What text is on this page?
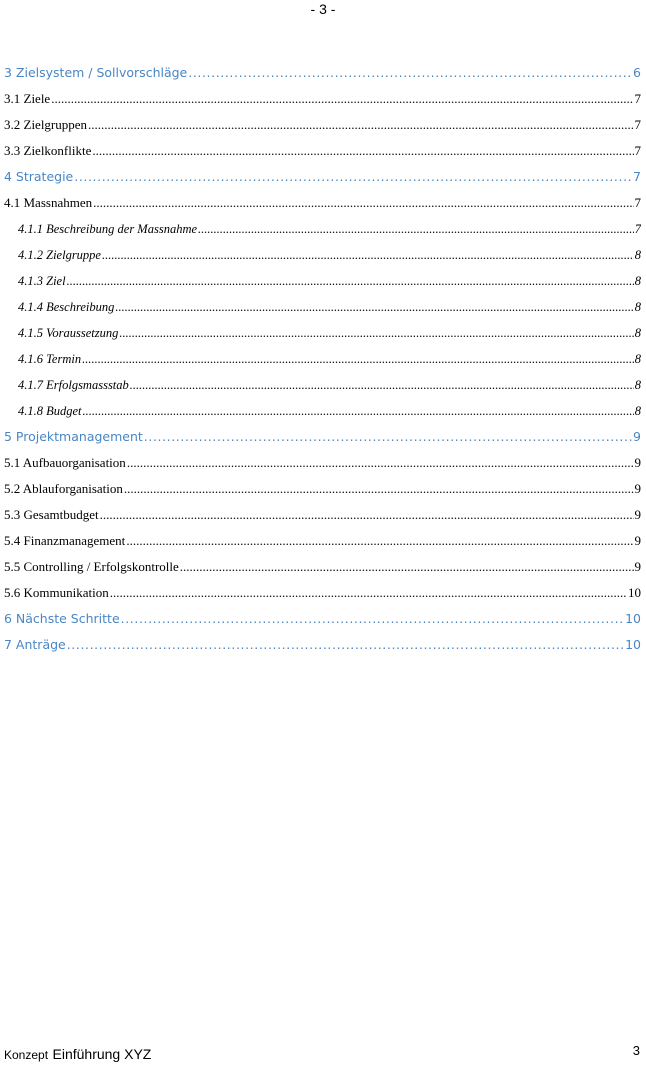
- 3 -
3 Zielsystem / Sollvorschläge .....	6
3.1 Ziele .....	7
3.2 Zielgruppen .....	7
3.3 Zielkonflikte .....	7
4 Strategie .....	7
4.1 Massnahmen .....	7
4.1.1 Beschreibung der Massnahme .....	7
4.1.2 Zielgruppe .....	8
4.1.3 Ziel .....	8
4.1.4 Beschreibung .....	8
4.1.5 Voraussetzung .....	8
4.1.6 Termin .....	8
4.1.7 Erfolgsmassstab .....	8
4.1.8 Budget .....	8
5 Projektmanagement .....	9
5.1 Aufbauorganisation .....	9
5.2 Ablauforganisation .....	9
5.3 Gesamtbudget .....	9
5.4 Finanzmanagement .....	9
5.5 Controlling / Erfolgskontrolle .....	9
5.6 Kommunikation .....	10
6 Nächste Schritte .....	10
7 Anträge .....	10
Konzept Einführung XYZ	3
